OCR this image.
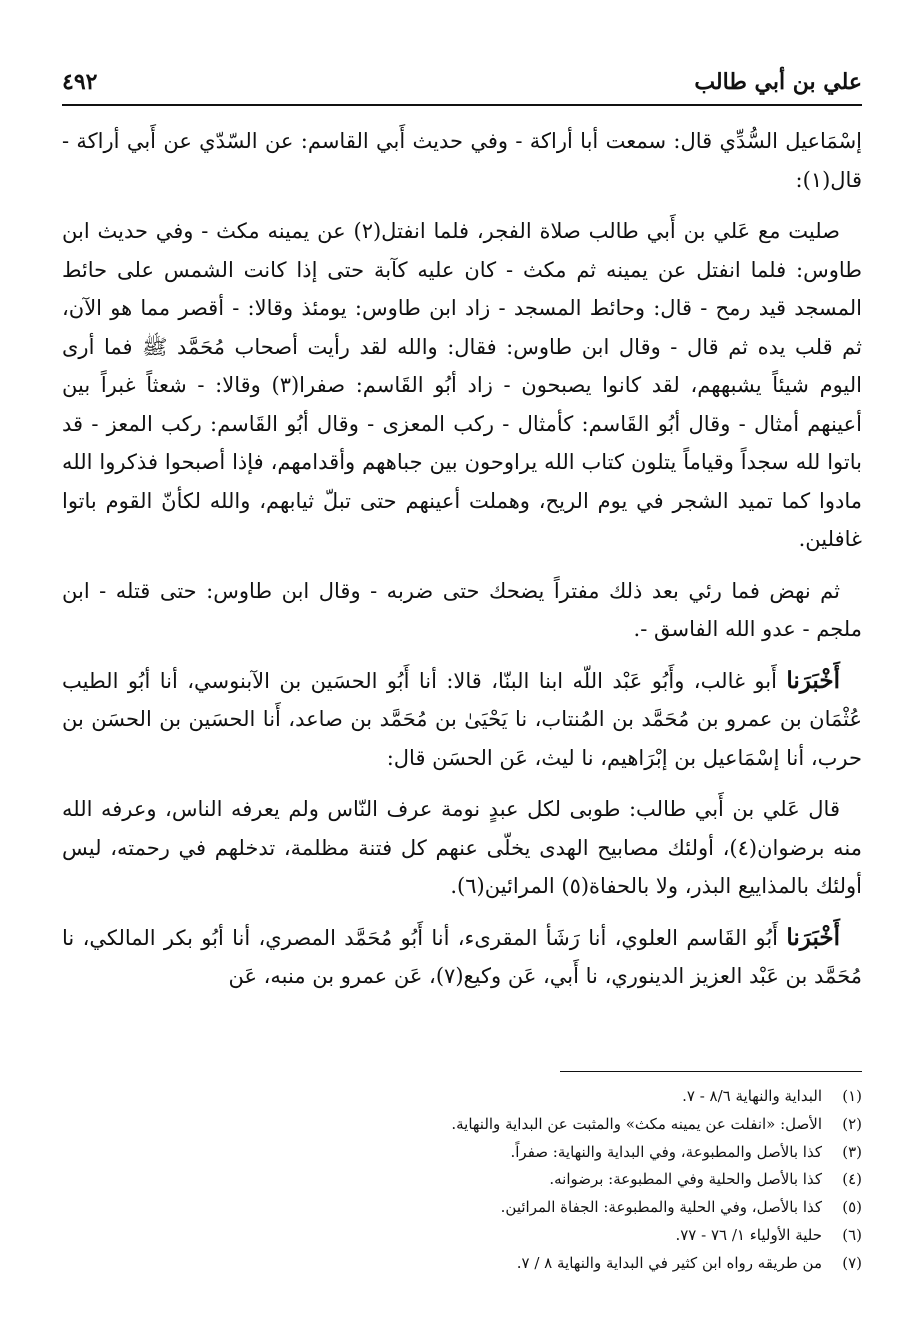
علي بن أبي طالب
٤٩٢

إسْمَاعيل السُّدِّي قال: سمعت أبا أراكة - وفي حديث أَبي القاسم: عن السّدّي عن أَبي أراكة - قال(١):

صليت مع عَلي بن أَبي طالب صلاة الفجر، فلما انفتل(٢) عن يمينه مكث - وفي حديث ابن طاوس: فلما انفتل عن يمينه ثم مكث - كان عليه كآبة حتى إذا كانت الشمس على حائط المسجد قيد رمح - قال: وحائط المسجد - زاد ابن طاوس: يومئذ وقالا: - أقصر مما هو الآن، ثم قلب يده ثم قال - وقال ابن طاوس: فقال: والله لقد رأيت أصحاب مُحَمَّد ﷺ فما أرى اليوم شيئاً يشبههم، لقد كانوا يصبحون - زاد أبُو القَاسم: صفرا(٣) وقالا: - شعثاً غبراً بين أعينهم أمثال - وقال أبُو القَاسم: كأمثال - ركب المعزى - وقال أبُو القَاسم: ركب المعز - قد باتوا لله سجداً وقياماً يتلون كتاب الله يراوحون بين جباههم وأقدامهم، فإذا أصبحوا فذكروا الله مادوا كما تميد الشجر في يوم الريح، وهملت أعينهم حتى تبلّ ثيابهم، والله لكأنّ القوم باتوا غافلين.

ثم نهض فما رئي بعد ذلك مفتراً يضحك حتى ضربه - وقال ابن طاوس: حتى قتله - ابن ملجم - عدو الله الفاسق -.

أَخْبَرَنا أَبو غالب، وأَبُو عَبْد اللّه ابنا البنّا، قالا: أنا أَبُو الحسَين بن الآبنوسي، أنا أبُو الطيب عُثْمَان بن عمرو بن مُحَمَّد بن المُنتاب، نا يَحْيَىٰ بن مُحَمَّد بن صاعد، أَنا الحسَين بن الحسَن بن حرب، أنا إسْمَاعيل بن إبْرَاهيم، نا ليث، عَن الحسَن قال:

قال عَلي بن أَبي طالب: طوبى لكل عبدٍ نومة عرف النّاس ولم يعرفه الناس، وعرفه الله منه برضوان(٤)، أولئك مصابيح الهدى يخلّى عنهم كل فتنة مظلمة، تدخلهم في رحمته، ليس أولئك بالمذاييع البذر، ولا بالحفاة(٥) المرائين(٦).

أَخْبَرَنا أَبُو القَاسم العلوي، أنا رَشَأ المقرىء، أنا أَبُو مُحَمَّد المصري، أنا أبُو بكر المالكي، نا مُحَمَّد بن عَبْد العزيز الدينوري، نا أَبي، عَن وكيع(٧)، عَن عمرو بن منبه، عَن

(١)
البداية والنهاية ٨/٦ - ٧.
(٢)
الأصل: «انفلت عن يمينه مكث» والمثبت عن البداية والنهاية.
(٣)
كذا بالأصل والمطبوعة، وفي البداية والنهاية: صفراً.
(٤)
كذا بالأصل والحلية وفي المطبوعة: برضوانه.
(٥)
كذا بالأصل، وفي الحلية والمطبوعة: الجفاة المرائين.
(٦)
حلية الأولياء ١/ ٧٦ - ٧٧.
(٧)
من طريقه رواه ابن كثير في البداية والنهاية ٨ / ٧.
